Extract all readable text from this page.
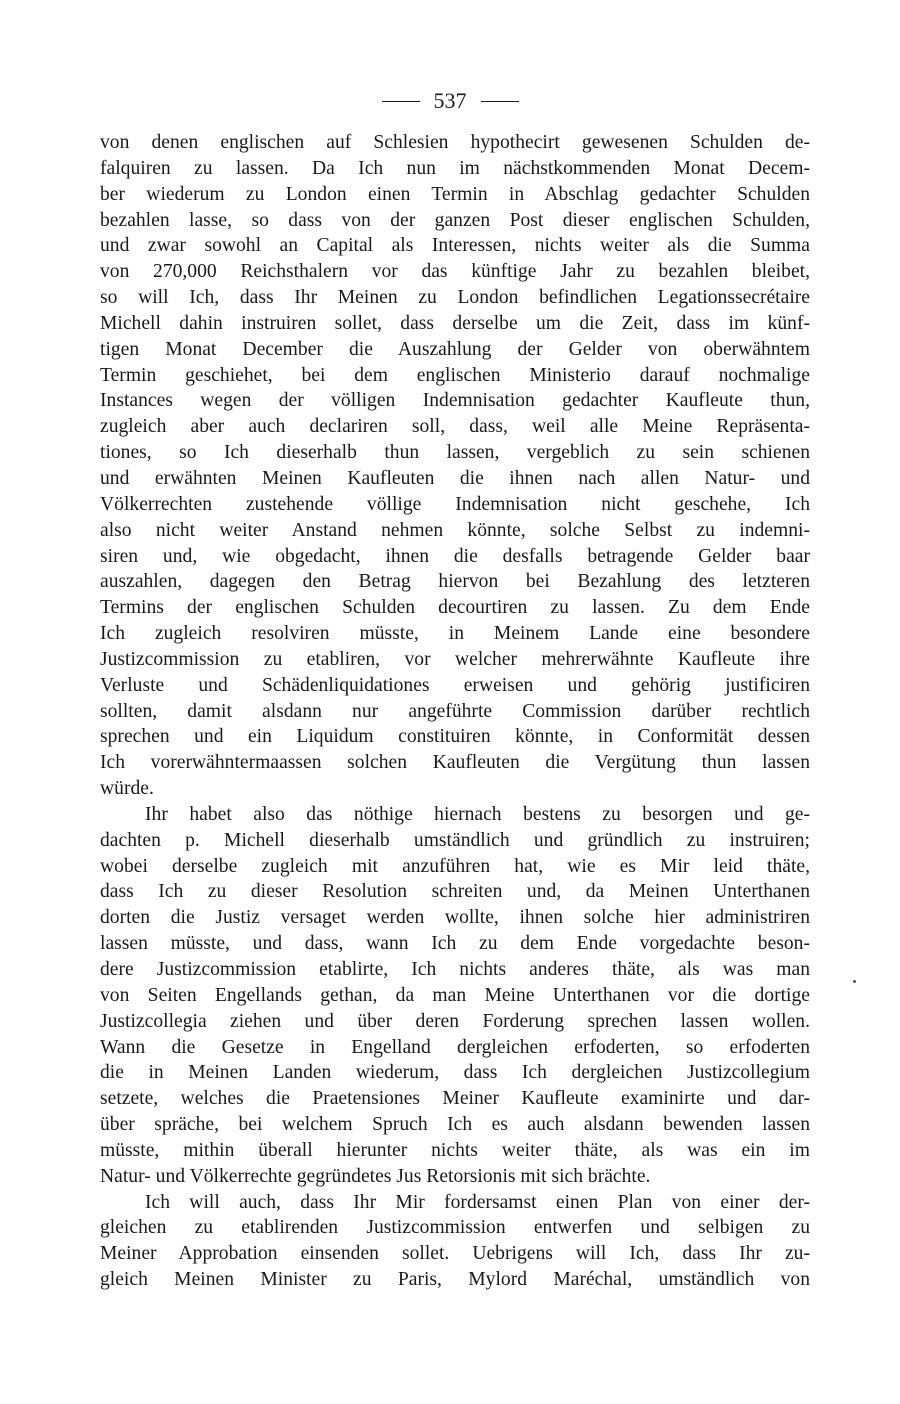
537
von denen englischen auf Schlesien hypothecirt gewesenen Schulden de-
falquiren zu lassen. Da Ich nun im nächstkommenden Monat Decem-
ber wiederum zu London einen Termin in Abschlag gedachter Schulden
bezahlen lasse, so dass von der ganzen Post dieser englischen Schulden,
und zwar sowohl an Capital als Interessen, nichts weiter als die Summa
von 270,000 Reichsthalern vor das künftige Jahr zu bezahlen bleibet,
so will Ich, dass Ihr Meinen zu London befindlichen Legationssecrétaire
Michell dahin instruiren sollet, dass derselbe um die Zeit, dass im künf-
tigen Monat December die Auszahlung der Gelder von oberwähntem
Termin geschiehet, bei dem englischen Ministerio darauf nochmalige
Instances wegen der völligen Indemnisation gedachter Kaufleute thun,
zugleich aber auch declariren soll, dass, weil alle Meine Repräsenta-
tiones, so Ich dieserhalb thun lassen, vergeblich zu sein schienen
und erwähnten Meinen Kaufleuten die ihnen nach allen Natur- und
Völkerrechten zustehende völlige Indemnisation nicht geschehe, Ich
also nicht weiter Anstand nehmen könnte, solche Selbst zu indemni-
siren und, wie obgedacht, ihnen die desfalls betragende Gelder baar
auszahlen, dagegen den Betrag hiervon bei Bezahlung des letzteren
Termins der englischen Schulden decourtiren zu lassen. Zu dem Ende
Ich zugleich resolviren müsste, in Meinem Lande eine besondere
Justizcommission zu etabliren, vor welcher mehrerwähnte Kaufleute ihre
Verluste und Schädenliquidationes erweisen und gehörig justificiren
sollten, damit alsdann nur angeführte Commission darüber rechtlich
sprechen und ein Liquidum constituiren könnte, in Conformität dessen
Ich vorerwähntermaassen solchen Kaufleuten die Vergütung thun lassen
würde.
Ihr habet also das nöthige hiernach bestens zu besorgen und ge-
dachten p. Michell dieserhalb umständlich und gründlich zu instruiren;
wobei derselbe zugleich mit anzuführen hat, wie es Mir leid thäte,
dass Ich zu dieser Resolution schreiten und, da Meinen Unterthanen
dorten die Justiz versaget werden wollte, ihnen solche hier administriren
lassen müsste, und dass, wann Ich zu dem Ende vorgedachte beson-
dere Justizcommission etablirte, Ich nichts anderes thäte, als was man
von Seiten Engellands gethan, da man Meine Unterthanen vor die dortige
Justizcollegia ziehen und über deren Forderung sprechen lassen wollen.
Wann die Gesetze in Engelland dergleichen erfoderten, so erfoderten
die in Meinen Landen wiederum, dass Ich dergleichen Justizcollegium
setzete, welches die Praetensiones Meiner Kaufleute examinirte und dar-
über spräche, bei welchem Spruch Ich es auch alsdann bewenden lassen
müsste, mithin überall hierunter nichts weiter thäte, als was ein im
Natur- und Völkerrechte gegründetes Jus Retorsionis mit sich brächte.
Ich will auch, dass Ihr Mir fordersamst einen Plan von einer der-
gleichen zu etablirenden Justizcommission entwerfen und selbigen zu
Meiner Approbation einsenden sollet. Uebrigens will Ich, dass Ihr zu-
gleich Meinen Minister zu Paris, Mylord Maréchal, umständlich von
